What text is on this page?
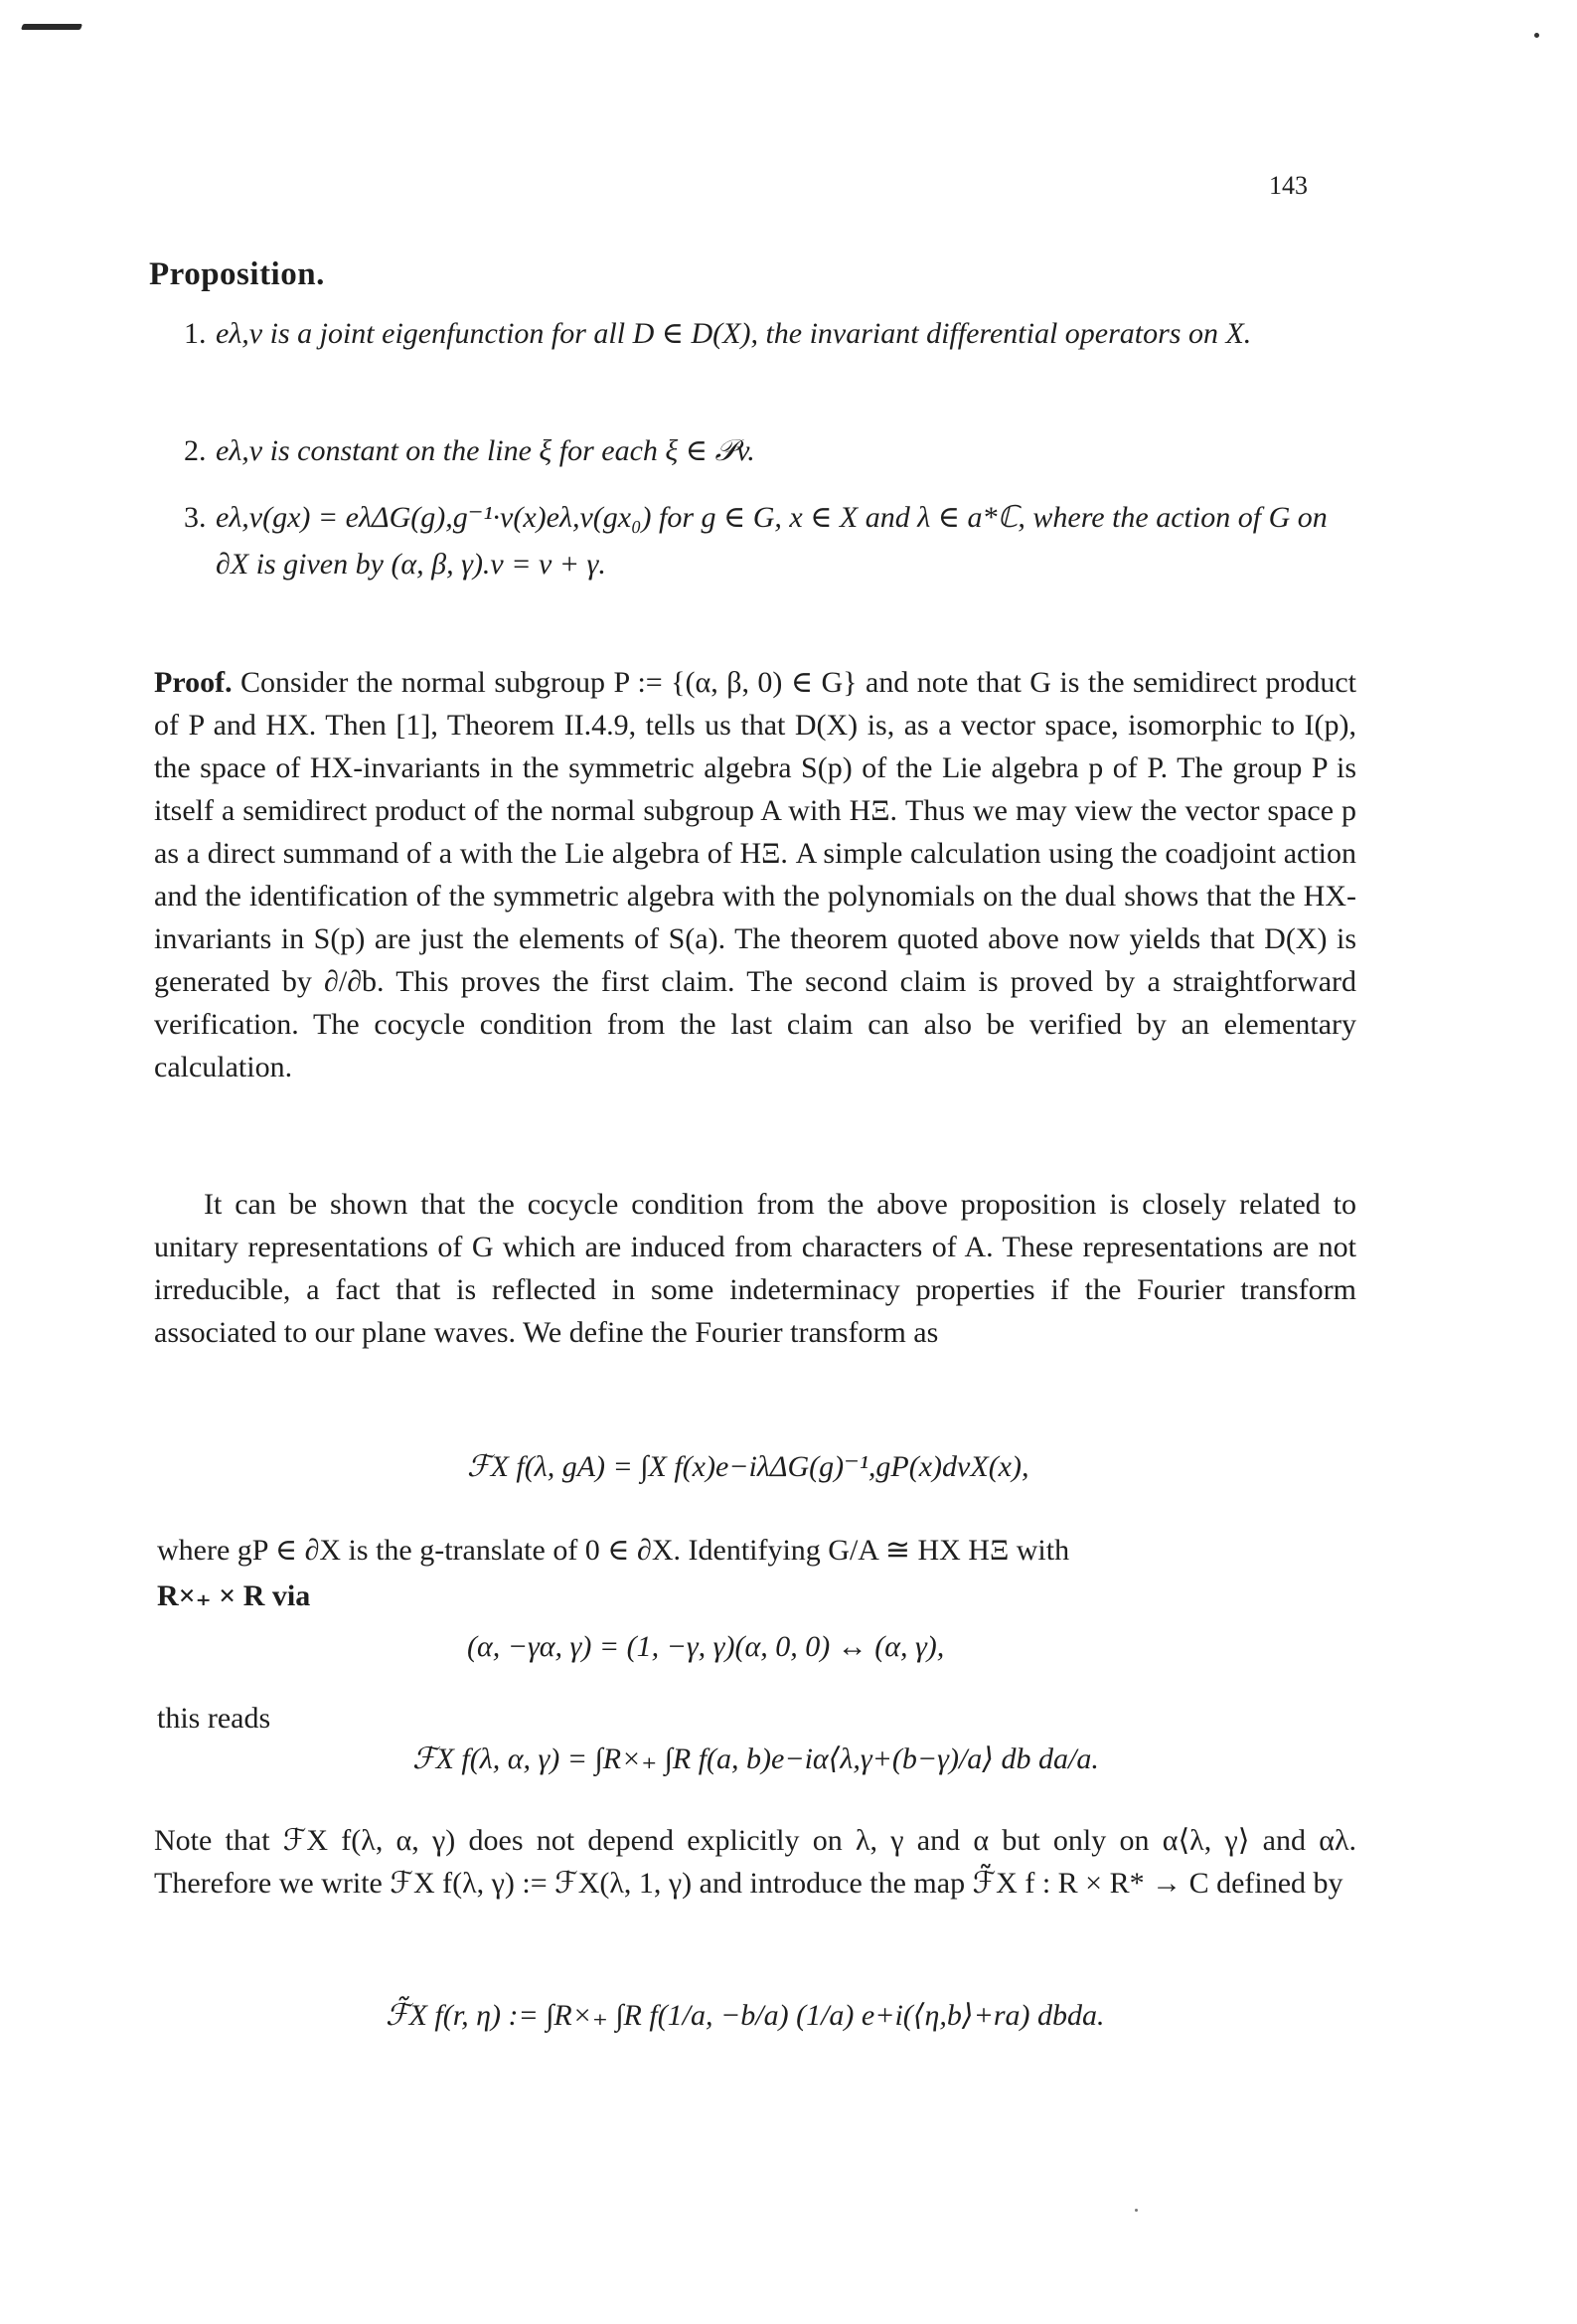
143
Proposition.
1. eλ,v is a joint eigenfunction for all D ∈ D(X), the invariant differential operators on X.
2. eλ,v is constant on the line ξ for each ξ ∈ 𝒫v.
3. eλ,v(gx) = eλΔG(g),g⁻¹·v(x)eλ,v(gx₀) for g ∈ G, x ∈ X and λ ∈ a*ℂ, where the action of G on ∂X is given by (α, β, γ).v = v + γ.
Proof. Consider the normal subgroup P := {(α, β, 0) ∈ G} and note that G is the semidirect product of P and HX. Then [1], Theorem II.4.9, tells us that D(X) is, as a vector space, isomorphic to I(p), the space of HX-invariants in the symmetric algebra S(p) of the Lie algebra p of P. The group P is itself a semidirect product of the normal subgroup A with HΞ. Thus we may view the vector space p as a direct summand of a with the Lie algebra of HΞ. A simple calculation using the coadjoint action and the identification of the symmetric algebra with the polynomials on the dual shows that the HX-invariants in S(p) are just the elements of S(a). The theorem quoted above now yields that D(X) is generated by ∂/∂b. This proves the first claim. The second claim is proved by a straightforward verification. The cocycle condition from the last claim can also be verified by an elementary calculation.
It can be shown that the cocycle condition from the above proposition is closely related to unitary representations of G which are induced from characters of A. These representations are not irreducible, a fact that is reflected in some indeterminacy properties if the Fourier transform associated to our plane waves. We define the Fourier transform as
ℱX f(λ, gA) = ∫X f(x)e−iλΔG(g)⁻¹,gP(x)dνX(x),
where gP ∈ ∂X is the g-translate of 0 ∈ ∂X. Identifying G/A ≅ HX HΞ with
R×₊ × R via
(α, −γα, γ) = (1, −γ, γ)(α, 0, 0) ↔ (α, γ),
this reads
ℱX f(λ, α, γ) = ∫R×₊ ∫R f(a, b)e−iα⟨λ,γ+(b−γ)/a⟩ db da/a.
Note that ℱX f(λ, α, γ) does not depend explicitly on λ, γ and α but only on α⟨λ, γ⟩ and αλ. Therefore we write ℱX f(λ, γ) := ℱX(λ, 1, γ) and introduce the map ℱ̃X f : R × R* → C defined by
ℱ̃X f(r, η) := ∫R×₊ ∫R f(1/a, −b/a) (1/a) e+i(⟨η,b⟩+ra) dbda.
